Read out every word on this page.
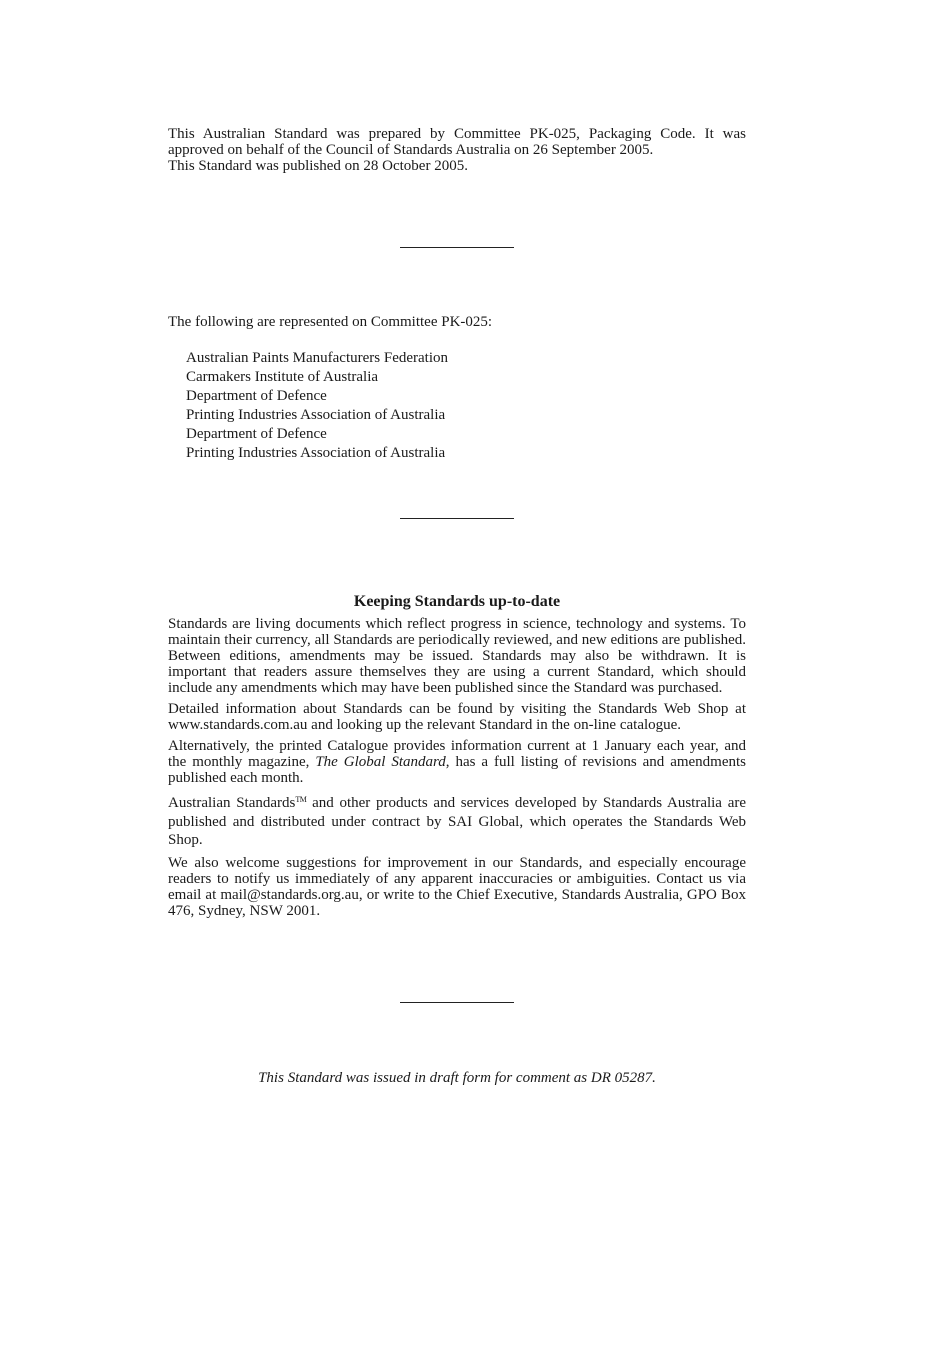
This Australian Standard was prepared by Committee PK-025, Packaging Code. It was approved on behalf of the Council of Standards Australia on 26 September 2005.

This Standard was published on 28 October 2005.

The following are represented on Committee PK-025:

Australian Paints Manufacturers Federation
Carmakers Institute of Australia
Department of Defence
Printing Industries Association of Australia
Department of Defence
Printing Industries Association of Australia
Keeping Standards up-to-date

Standards are living documents which reflect progress in science, technology and systems. To maintain their currency, all Standards are periodically reviewed, and new editions are published. Between editions, amendments may be issued. Standards may also be withdrawn. It is important that readers assure themselves they are using a current Standard, which should include any amendments which may have been published since the Standard was purchased.

Detailed information about Standards can be found by visiting the Standards Web Shop at www.standards.com.au and looking up the relevant Standard in the on-line catalogue.

Alternatively, the printed Catalogue provides information current at 1 January each year, and the monthly magazine, The Global Standard, has a full listing of revisions and amendments published each month.

Australian Standards™ and other products and services developed by Standards Australia are published and distributed under contract by SAI Global, which operates the Standards Web Shop.

We also welcome suggestions for improvement in our Standards, and especially encourage readers to notify us immediately of any apparent inaccuracies or ambiguities. Contact us via email at mail@standards.org.au, or write to the Chief Executive, Standards Australia, GPO Box 476, Sydney, NSW 2001.

This Standard was issued in draft form for comment as DR 05287.
